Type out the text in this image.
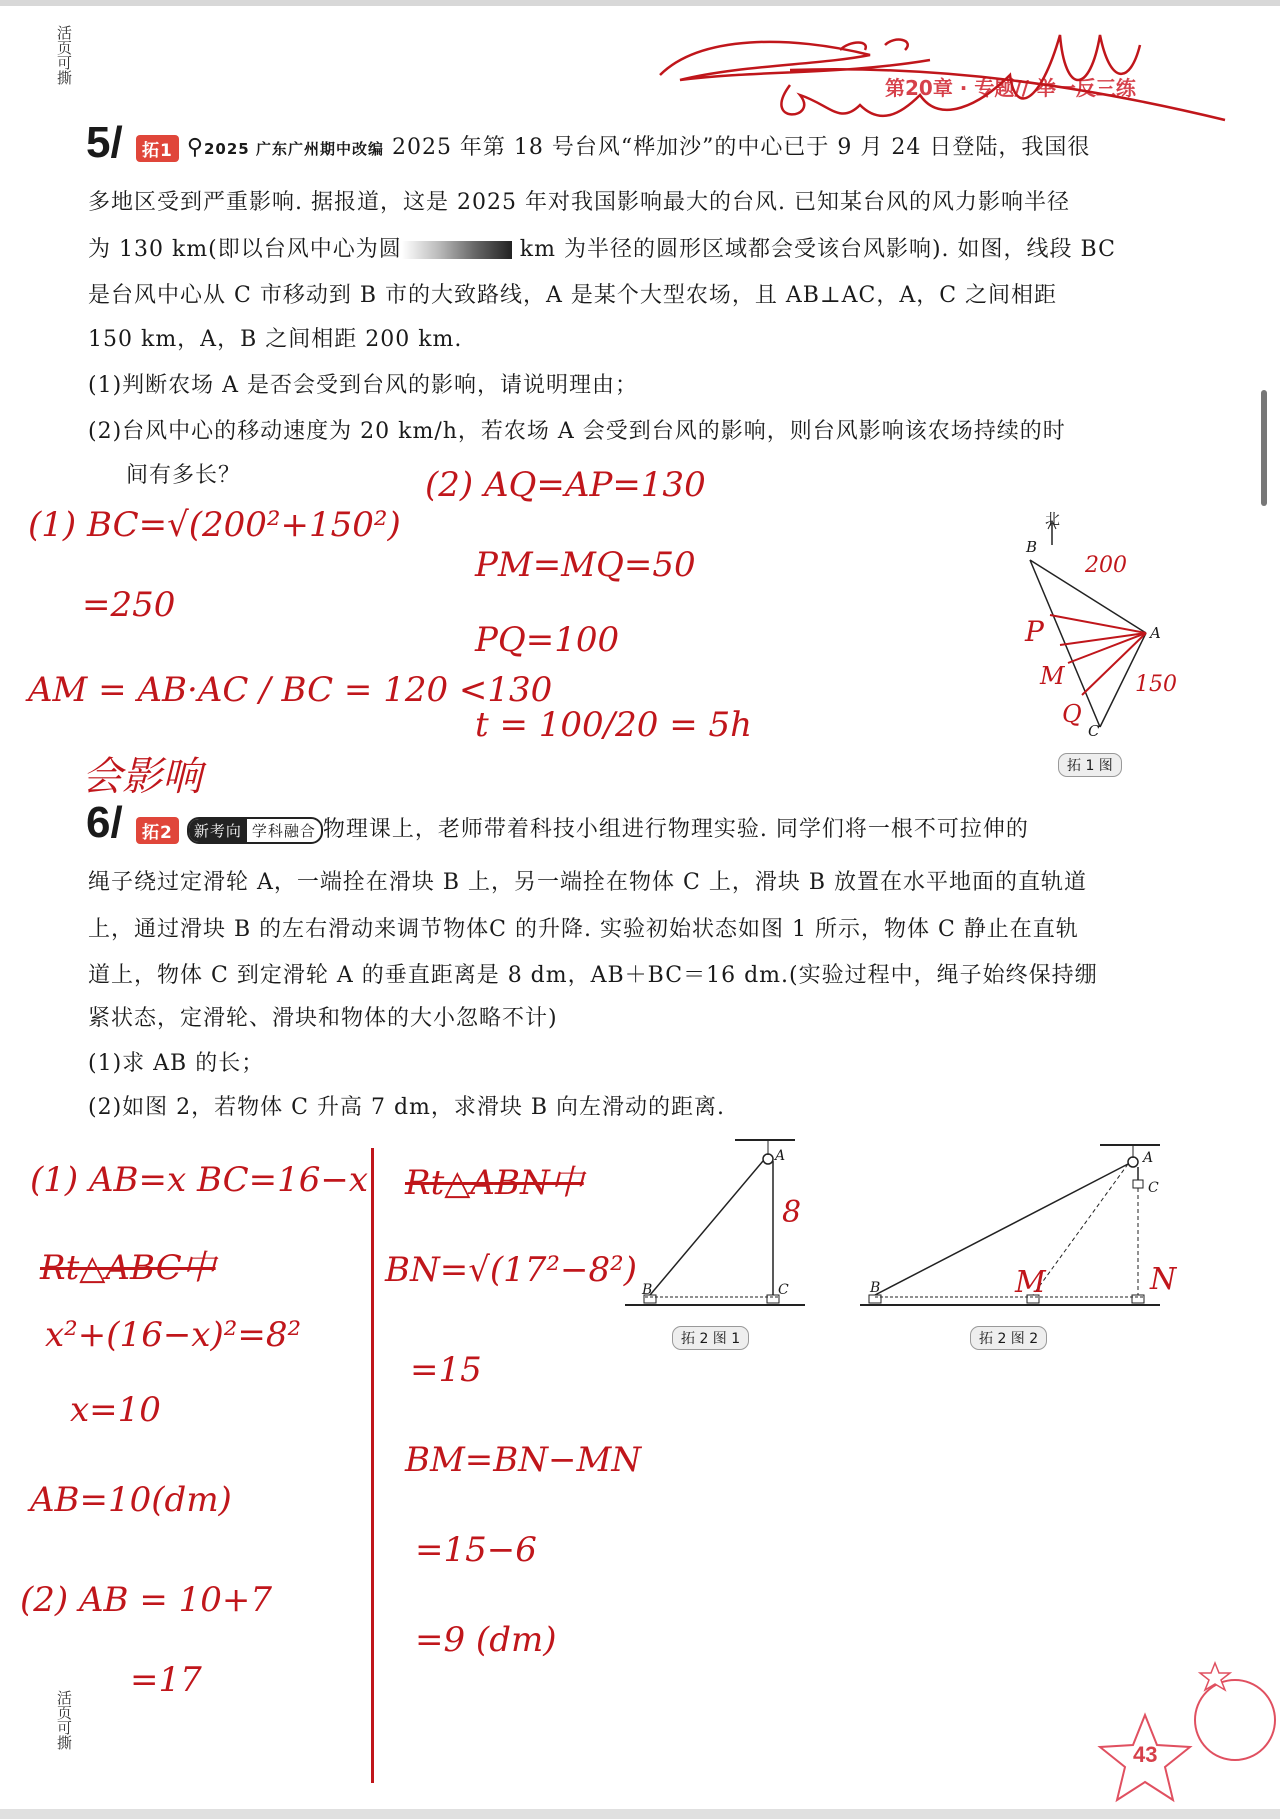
活页可撕
活页可撕
第20章 · 专题// 举一反三练
5/	拓1 ⚲2025 广东广州期中改编 2025 年第 18 号台风“桦加沙”的中心已于 9 月 24 日登陆，我国很
多地区受到严重影响. 据报道，这是 2025 年对我国影响最大的台风. 已知某台风的风力影响半径
为 130 km(即以台风中心为圆	km 为半径的圆形区域都会受该台风影响). 如图，线段 BC
是台风中心从 C 市移动到 B 市的大致路线，A 是某个大型农场，且 AB⊥AC，A，C 之间相距
150 km，A，B 之间相距 200 km.
(1)判断农场 A 是否会受到台风的影响，请说明理由；
(2)台风中心的移动速度为 20 km/h，若农场 A 会受到台风的影响，则台风影响该农场持续的时
间有多长？
(1) BC=√(200²+150²)
=250
AM = AB·AC / BC = 120 <130
会影响
(2) AQ=AP=130
PM=MQ=50
PQ=100
t = 100/20 = 5h
北
B
A
C
200
150
P
M
Q
拓 1 图
6/	拓2 新考向 学科融合 物理课上，老师带着科技小组进行物理实验. 同学们将一根不可拉伸的
绳子绕过定滑轮 A，一端拴在滑块 B 上，另一端拴在物体 C 上，滑块 B 放置在水平地面的直轨道
上，通过滑块 B 的左右滑动来调节物体C 的升降. 实验初始状态如图 1 所示，物体 C 静止在直轨
道上，物体 C 到定滑轮 A 的垂直距离是 8 dm，AB＋BC＝16 dm.(实验过程中，绳子始终保持绷
紧状态，定滑轮、滑块和物体的大小忽略不计)
(1)求 AB 的长；
(2)如图 2，若物体 C 升高 7 dm，求滑块 B 向左滑动的距离.
(1) AB=x BC=16−x
Rt△ABC中
x²+(16−x)²=8²
x=10
AB=10(dm)
(2) AB = 10+7
=17
Rt△ABN中
BN=√(17²−8²)
=15
BM=BN−MN
=15−6
=9 (dm)
A
B	C
8
拓 2 图 1
A
C
B	M	N
拓 2 图 2
43
